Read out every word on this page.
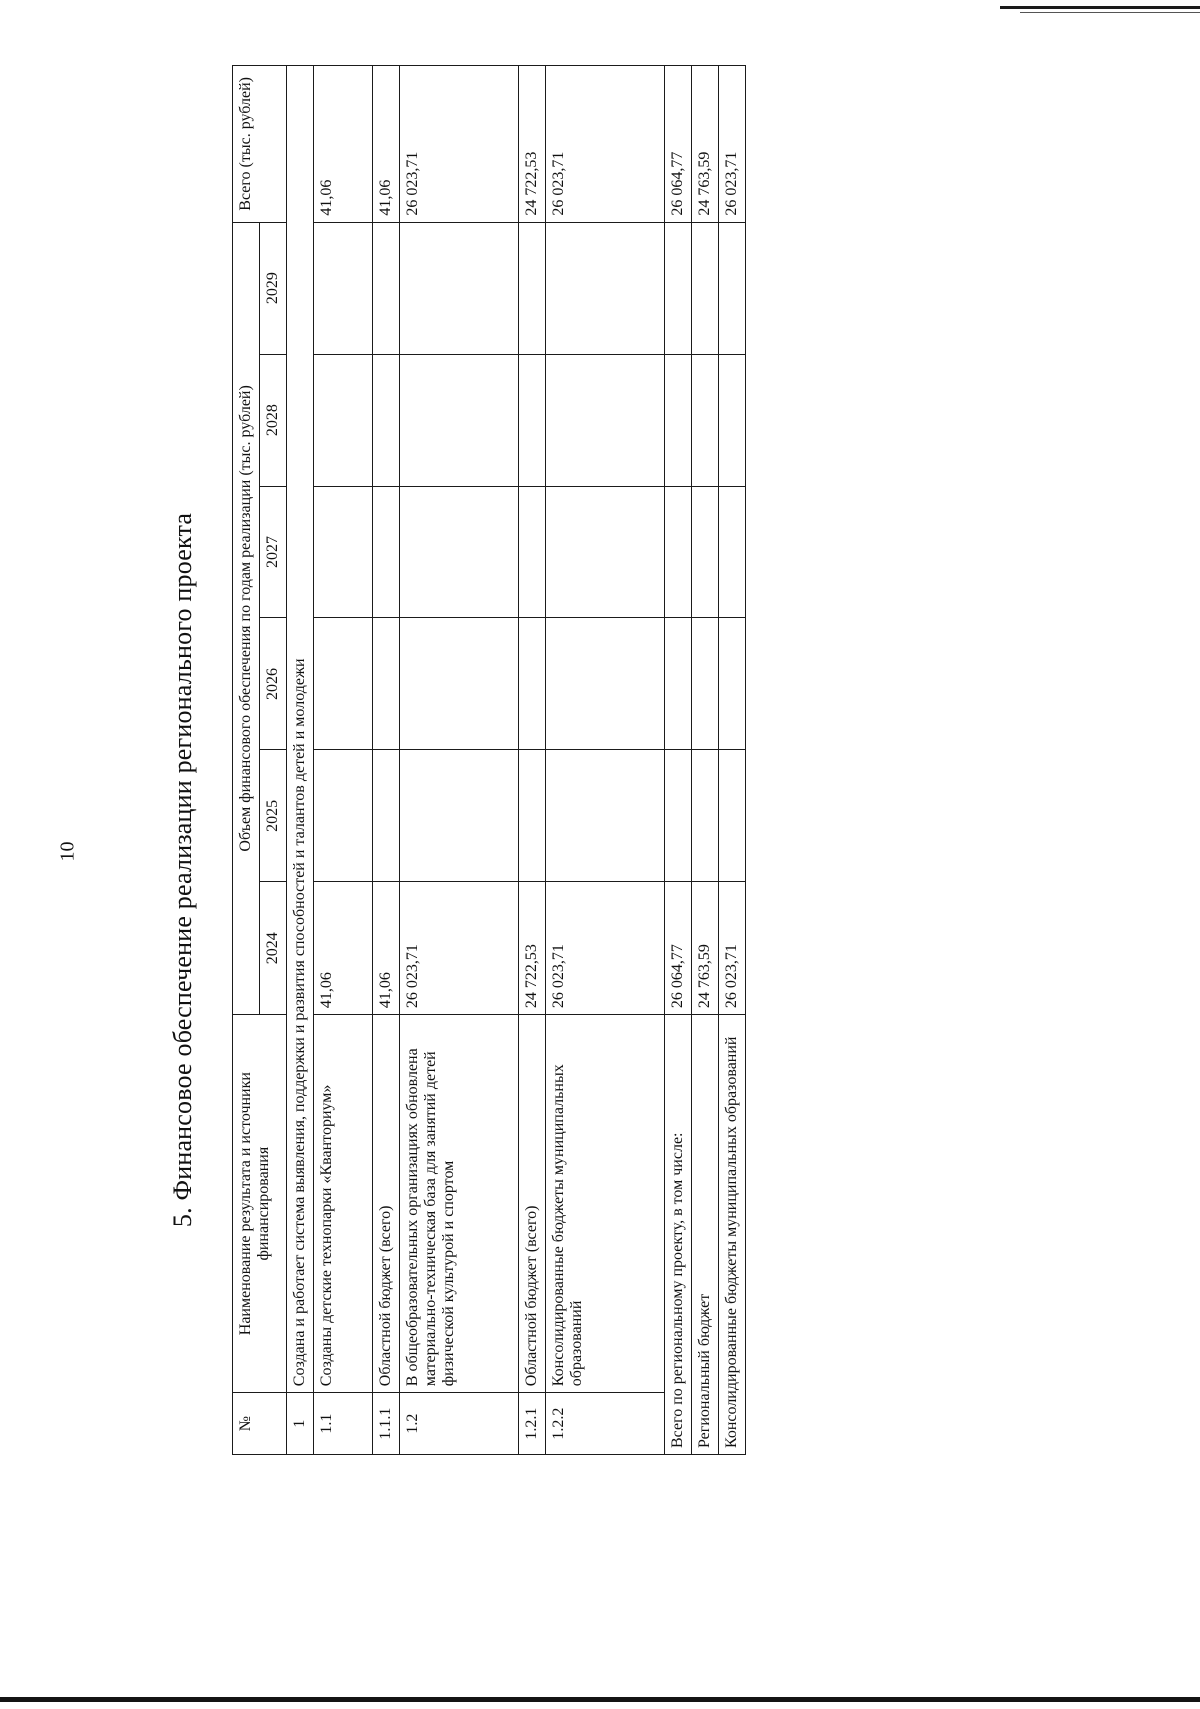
10	5. Финансовое обеспечение реализации регионального проекта
№	Наименование результата и источники финансирования	Объем финансового обеспечения по годам реализации (тыс. рублей)						Всего (тыс. рублей)
		2024	2025	2026	2027	2028	2029	
1	Создана и работает система выявления, поддержки и развития способностей и талантов детей и молодежи							
1.1	Созданы детские технопарки «Кванториум»	41,06						41,06
1.1.1	Областной бюджет (всего)	41,06						41,06
1.2	В общеобразовательных организациях обновлена материально-техническая база для занятий детей физической культурой и спортом	26 023,71						26 023,71
1.2.1	Областной бюджет (всего)	24 722,53						24 722,53
1.2.2	Консолидированные бюджеты муниципальных образований	26 023,71						26 023,71
Всего по региональному проекту, в том числе:		26 064,77						26 064,77
Региональный бюджет		24 763,59						24 763,59
Консолидированные бюджеты муниципальных образований		26 023,71						26 023,71
